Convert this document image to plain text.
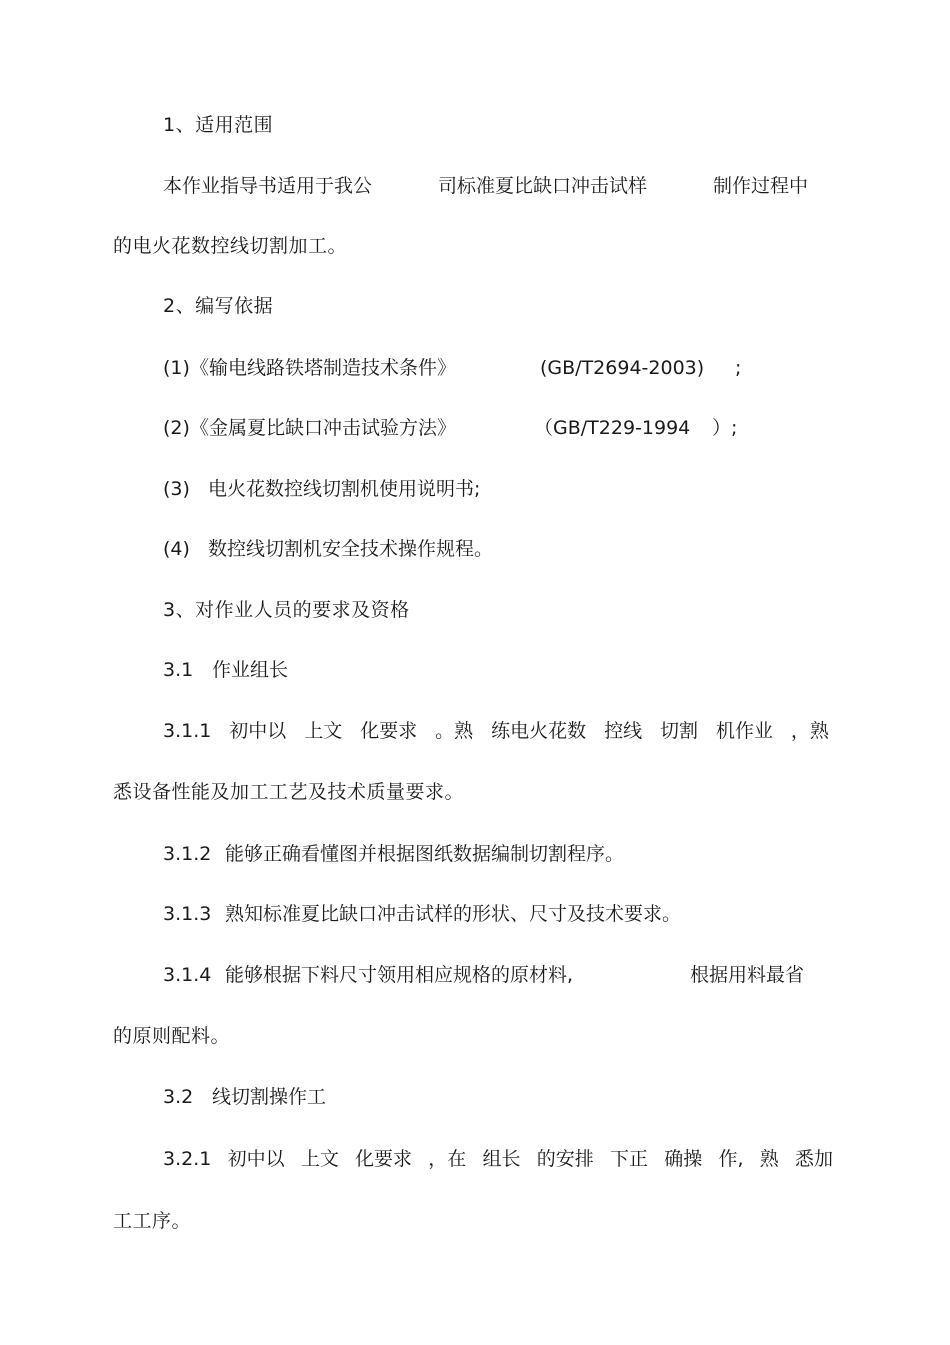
1、适用范围
本作业指导书适用于我公	司标准夏比缺口冲击试样	制作过程中
的电火花数控线切割加工。
2、编写依据
(1) 《输电线路铁塔制造技术条件》	(GB/T2694-2003) ;
(2) 《金属夏比缺口冲击试验方法》	（GB/T229-1994 ）;
(3) 电火花数控线切割机使用说明书;
(4) 数控线切割机安全技术操作规程。
3、对作业人员的要求及资格
3.1 作业组长
3.1.1 初中以 上文 化要求 。熟 练电火花数 控线 切割 机作业 ，熟
悉设备性能及加工工艺及技术质量要求。
3.1.2 能够正确看懂图并根据图纸数据编制切割程序。
3.1.3 熟知标准夏比缺口冲击试样的形状、尺寸及技术要求。
3.1.4 能够根据下料尺寸领用相应规格的原材料,	根据用料最省
的原则配料。
3.2 线切割操作工
3.2.1 初中以 上文 化要求 ，在 组长 的安排 下正 确操 作, 熟 悉加
工工序。
